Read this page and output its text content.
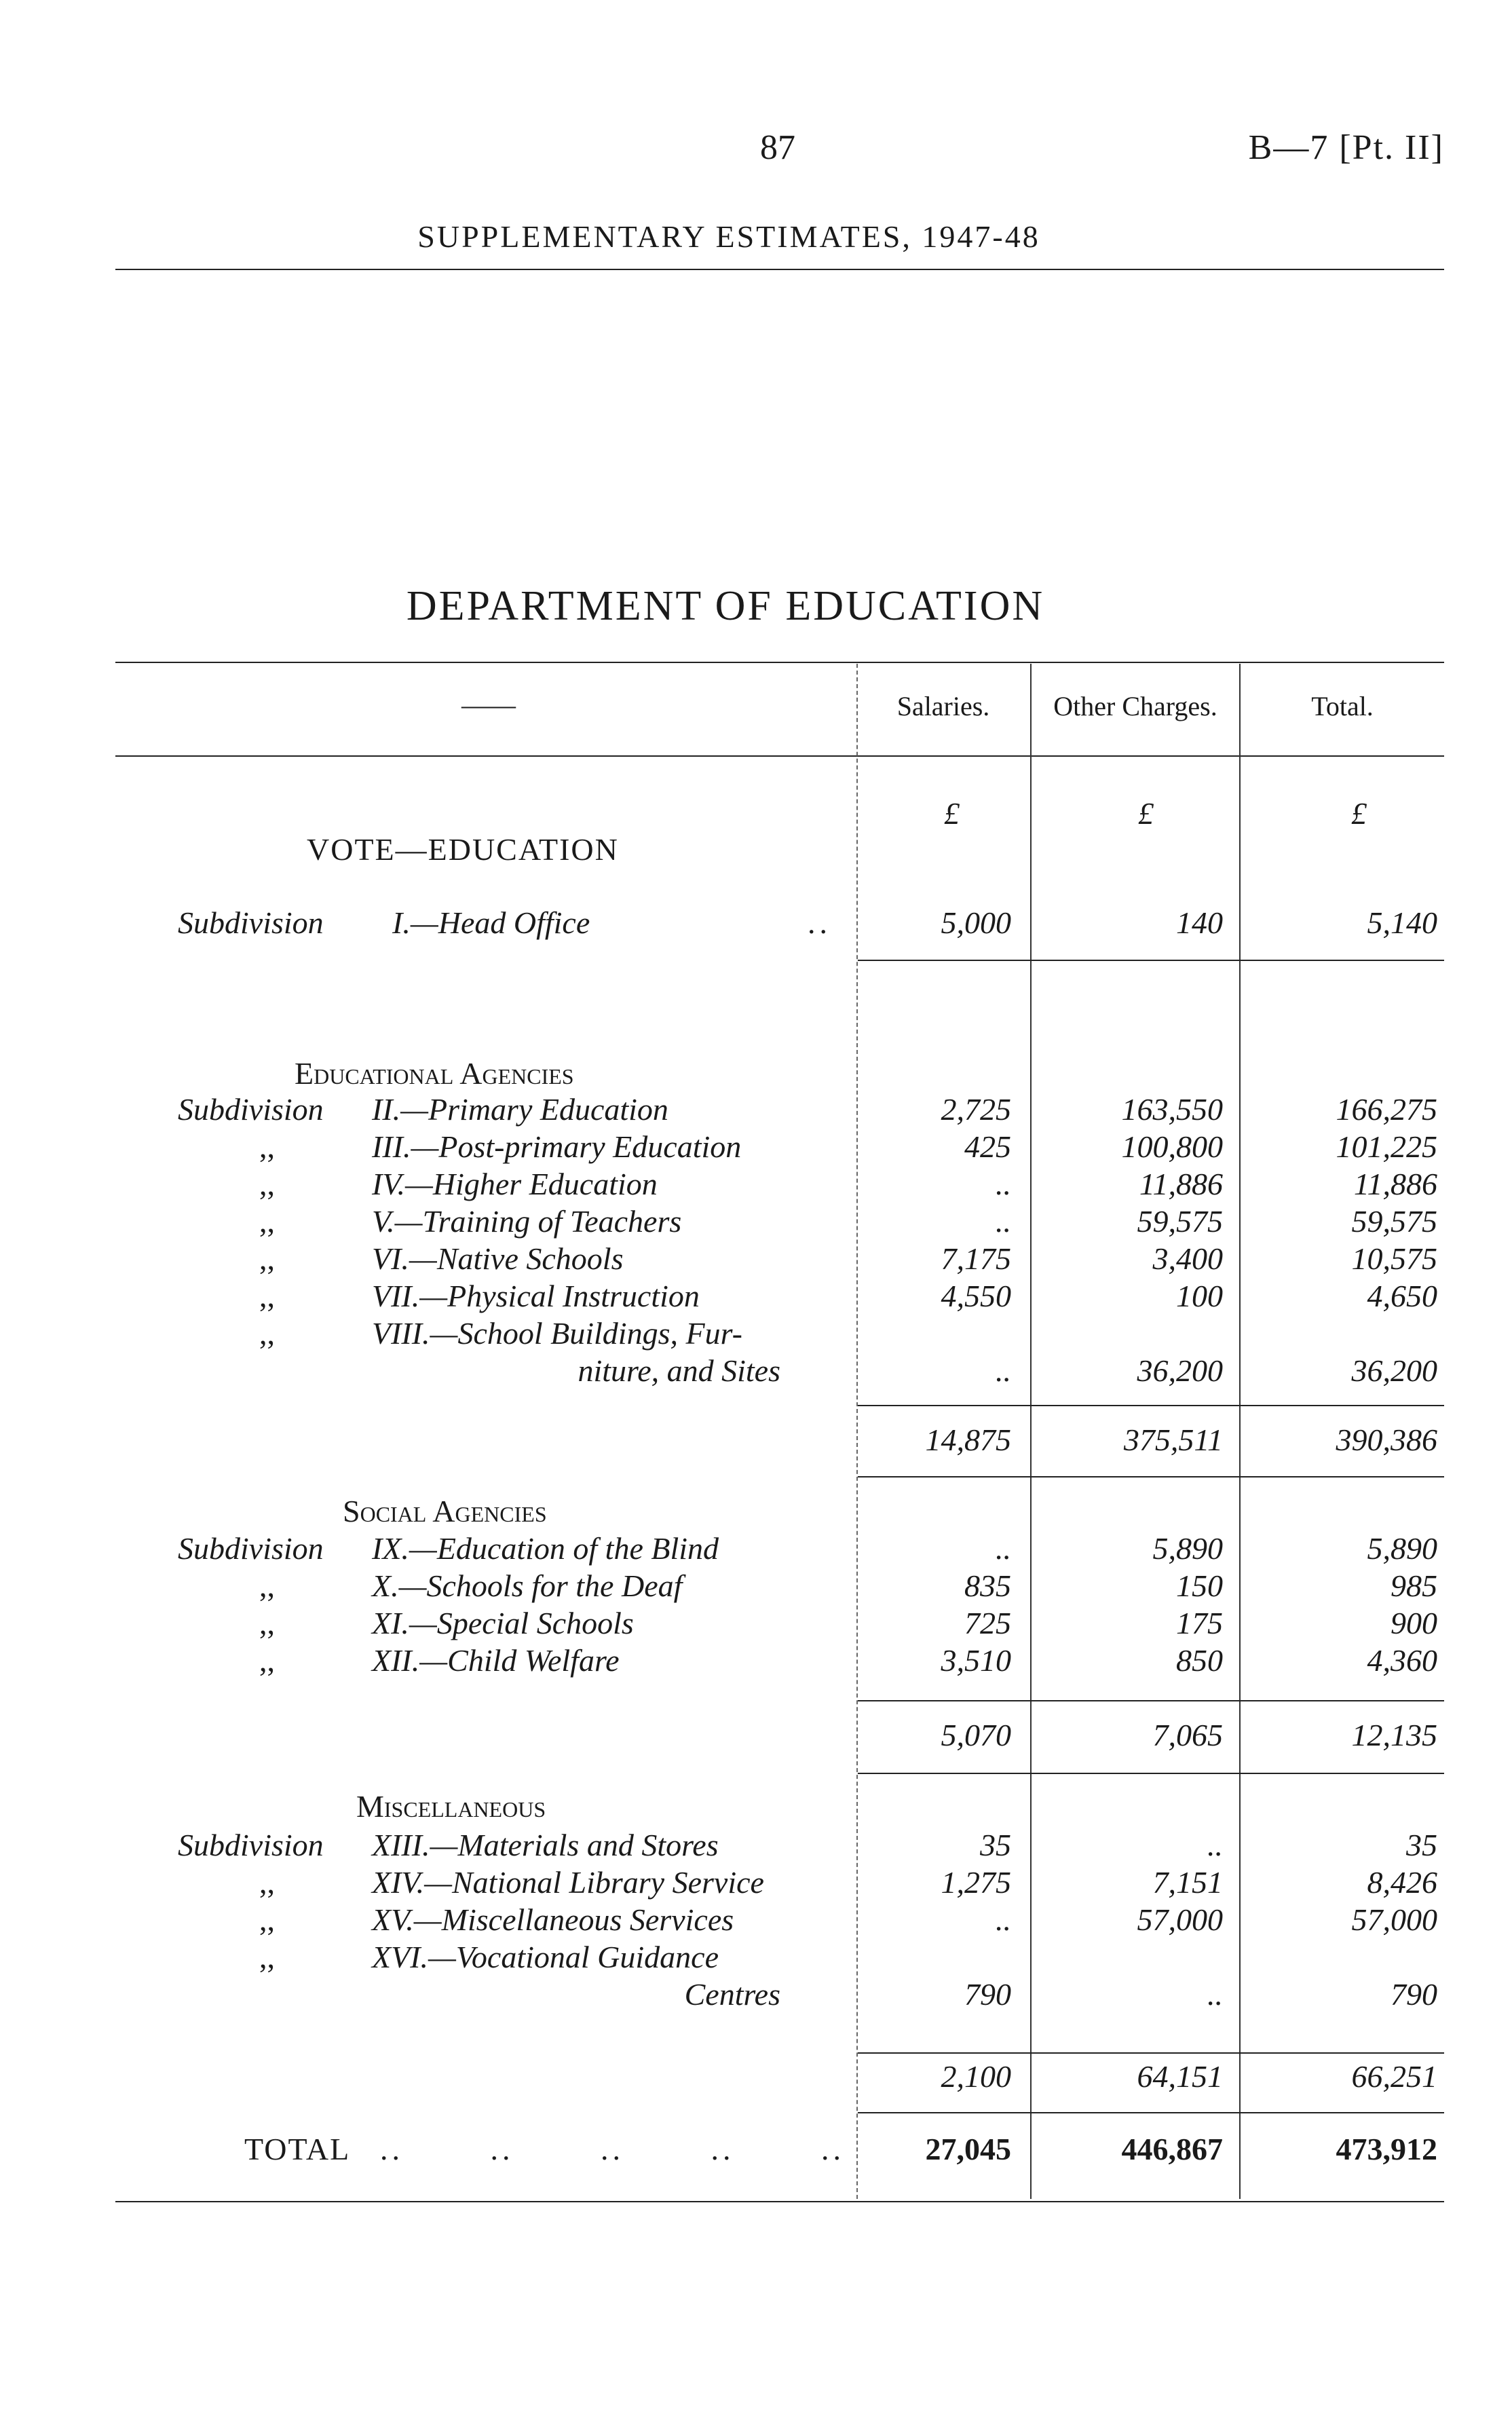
87	B—7 [Pt. II]
SUPPLEMENTARY ESTIMATES, 1947-48
DEPARTMENT OF EDUCATION
——	Salaries.	Other Charges.	Total.
£	£	£
VOTE—EDUCATION
Subdivision I.—Head Office	..	5,000	140	5,140
Educational Agencies
Subdivision II.—Primary Education	2,725	163,550	166,275
,,	III.—Post-primary Education	425	100,800	101,225
,,	IV.—Higher Education	..	11,886	11,886
,,	V.—Training of Teachers	..	59,575	59,575
,,	VI.—Native Schools	7,175	3,400	10,575
,,	VII.—Physical Instruction	4,550	100	4,650
,,	VIII.—School Buildings, Fur-
niture, and Sites	..	36,200	36,200
14,875	375,511	390,386
Social Agencies
Subdivision IX.—Education of the Blind	..	5,890	5,890
,,	X.—Schools for the Deaf	835	150	985
,,	XI.—Special Schools	725	175	900
,,	XII.—Child Welfare	3,510	850	4,360
5,070	7,065	12,135
Miscellaneous
Subdivision XIII.—Materials and Stores	35	..	35
,,	XIV.—National Library Service	1,275	7,151	8,426
,,	XV.—Miscellaneous Services	..	57,000	57,000
,,	XVI.—Vocational Guidance
Centres	790	..	790
2,100	64,151	66,251
TOTAL .. .. .. .. ..	27,045	446,867	473,912
